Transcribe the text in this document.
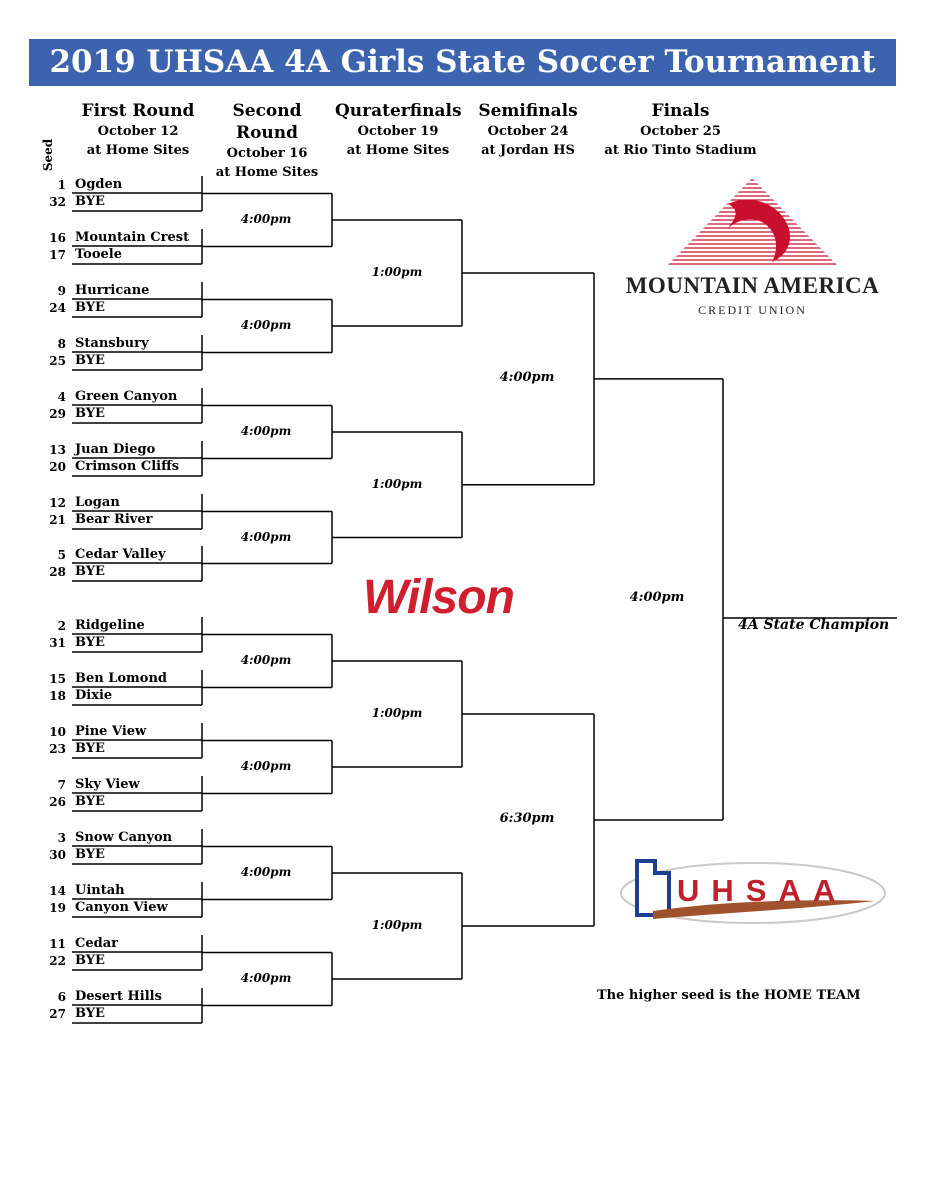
2019 UHSAA 4A Girls State Soccer Tournament
First Round
October 12
at Home Sites
Second Round
October 16
at Home Sites
Quraterfinals
October 19
at Home Sites
Semifinals
October 24
at Jordan HS
Finals
October 25
at Rio Tinto Stadium
Seed
1 Ogden
32 BYE
16 Mountain Crest
17 Tooele
9 Hurricane
24 BYE
8 Stansbury
25 BYE
4 Green Canyon
29 BYE
13 Juan Diego
20 Crimson Cliffs
12 Logan
21 Bear River
5 Cedar Valley
28 BYE
2 Ridgeline
31 BYE
15 Ben Lomond
18 Dixie
10 Pine View
23 BYE
7 Sky View
26 BYE
3 Snow Canyon
30 BYE
14 Uintah
19 Canyon View
11 Cedar
22 BYE
6 Desert Hills
27 BYE
4:00pm
4:00pm
4:00pm
4:00pm
4:00pm
4:00pm
4:00pm
4:00pm
1:00pm
1:00pm
1:00pm
1:00pm
4:00pm
6:30pm
4:00pm
4A State Champion
The higher seed is the HOME TEAM
MOUNTAIN AMERICA
CREDIT UNION
Wilson
UHSAA
